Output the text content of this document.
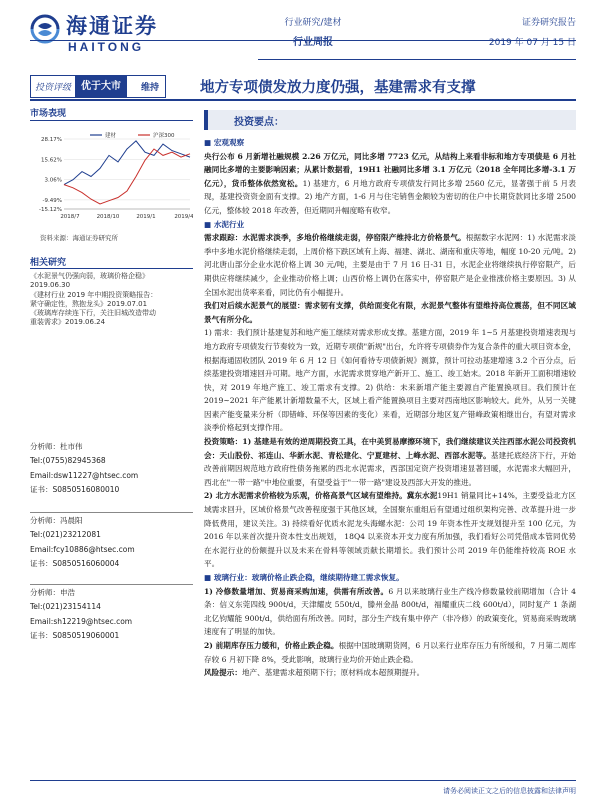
海通证券
HAITONG
行业研究/建材
行业周报
证券研究报告
2019 年 07 月 15 日
投资评级	优于大市	维持	地方专项债发放力度仍强，基建需求有支撑
市场表现
28.17%
15.62%
3.06%
-9.49%
-15.12%
2018/7	2018/10	2019/1	2019/4
建材	沪深300
资料来源：海通证券研究所
相关研究
《水泥景气仍强向弱，玻璃价格企稳》
2019.06.30
《建材行业 2019 年中期投资策略报告：
紧守确定性，熬抱龙头》2019.07.01
《玻璃库存续连下行，关注旧城改造带动
重装需求》2019.06.24
分析师：杜市伟
Tel:(0755)82945368
Email:dsw11227@htsec.com
证书：S0850516080010
分析师：冯晨阳
Tel:(021)23212081
Email:fcy10886@htsec.com
证书：S0850516060004
分析师：申浩
Tel:(021)23154114
Email:sh12219@htsec.com
证书：S0850519060001
投资要点：

■ 宏观观察

央行公布 6 月新增社融规模 2.26 万亿元，同比多增 7723 亿元，从结构上来看非标和地方专项债是 6 月社融同比多增的主要影响因素；从累计数据看，19H1 社融同比多增 3.1 万亿元（2018 全年同比多增-3.1 万亿元），货币整体依然宽松。1) 基建方，6 月地方政府专项债发行同比多增 2560 亿元，显著强于前 5 月表现，基建投资资金面有支撑。2) 地产方面，1-6 月与住宅销售金额较为密切的住户中长期贷款同比多增 2500 亿元，整体较 2018 年改善，但近期同升幅度略有收窄。

■ 水泥行业

需求跟踪：水泥需求淡季，多地价格继续走弱，停窑限产维持北方价格景气。根据数字水泥网：1) 水泥需求淡季中多地水泥价格继续走弱，上周价格下跌区域有上海、福建、湖北、湖南和重庆等地，幅度 10-20 元/吨。2) 河北唐山部分企业水泥价格上调 30 元/吨，主要是由于 7 月 16 日-31 日，水泥企业将继续执行停窑限产，后期供应将继续减少，企业推动价格上调；山西价格上调仍在落实中，停窑限产是企业推涨价格主要原因。3) 从全国水泥出货率来看，同比仍有小幅提升。

我们对后续水泥景气的展望：需求韧有支撑，供给面变化有限，水泥景气整体有望维持高位震荡，但不同区域景气有所分化。

1) 需求：我们预计基建复苏和地产施工继续对需求形成支撑。基建方面，2019 年 1~5 月基建投资增速表现与地方政府专项债发行节奏较为一致，近期专项债"新规"出台，允许将专项债券作为复合条件的重大项目资本金，根据海通固收团队 2019 年 6 月 12 日《如何看待专项债新规》测算，预计可拉动基建增速 3.2 个百分点，后续基建投资增速回升可期。地产方面，水泥需求贯穿地产新开工、施工、竣工始末。2018 年新开工面积增速较快，对 2019 年地产施工、竣工需求有支撑。2) 供给：未来新增产能主要源自产能置换项目。我们预计在 2019~2021 年产能累计新增数量不大，区域上看产能置换项目主要对西南地区影响较大。此外，从另一关键因素产能变量来分析（即错峰、环保等因素的变化）来看，近期部分地区复产错峰政策相继出台，有望对需求淡季价格起到支撑作用。

投资策略：1) 基建是有效的逆周期投资工具，在中美贸易摩擦环境下，我们继续建议关注西部水泥公司投资机会：天山股份、祁连山、华新水泥、青松建化、宁夏建材、上峰水泥、西部水泥等。基建托底经济下行，开始改善前期因规范地方政府性债务拖累的西北水泥需求，西部国定资产投资增速显著回暖，水泥需求大幅回升，西北在"一带一路"中地位重要，有望受益于"一带一路"建设及西部大开发的推进。

2) 北方水泥需求价格较为乐观，价格高景气区域有望维持。冀东水泥19H1 销量同比+14%，主要受益北方区域需求回升，区域价格景气改善程度强于其他区域，全国聚东重组后有望通过组织架构完善、改革提升进一步降低费用，建议关注。3) 持续看好优质水泥龙头海螺水泥：公司 19 年资本性开支规划提升至 100 亿元，为 2016 年以来首次提升资本性支出规划， 18Q4 以来资本开支力度有所加强，我们看好公司凭借成本管同优势在水泥行业的份额提升以及未来在骨料等领域贡献长期增长。我们预计公司 2019 年仍能维持较高 ROE 水平。

■ 玻璃行业：玻璃价格止跌企稳，继续期待建工需求恢复。

1) 冷修数量增加、贸易商采购加速，供需有所改善。6 月以来玻璃行业生产线冷修数量较前期增加（合计 4 条：信义东莞四线 900t/d，天津耀皮 550t/d，滕州金晶 800t/d，福耀重庆二线 600t/d），同时复产 1 条湖北亿钧耀能 900t/d，供给面有所改善。同时，部分生产线有集中停产（非冷修）的政策变化，贸易商采购玻璃速度有了明显的加快。

2) 前期库存压力缓和，价格止跌企稳。根据中国玻璃期货网，6 月以来行业库存压力有所缓和，7 月第二周库存较 6 月初下降 8%，受此影响，玻璃行业均价开始止跌企稳。

风险提示：地产、基建需求超预期下行；原材料成本超预期提升。

请务必阅读正文之后的信息披露和法律声明
